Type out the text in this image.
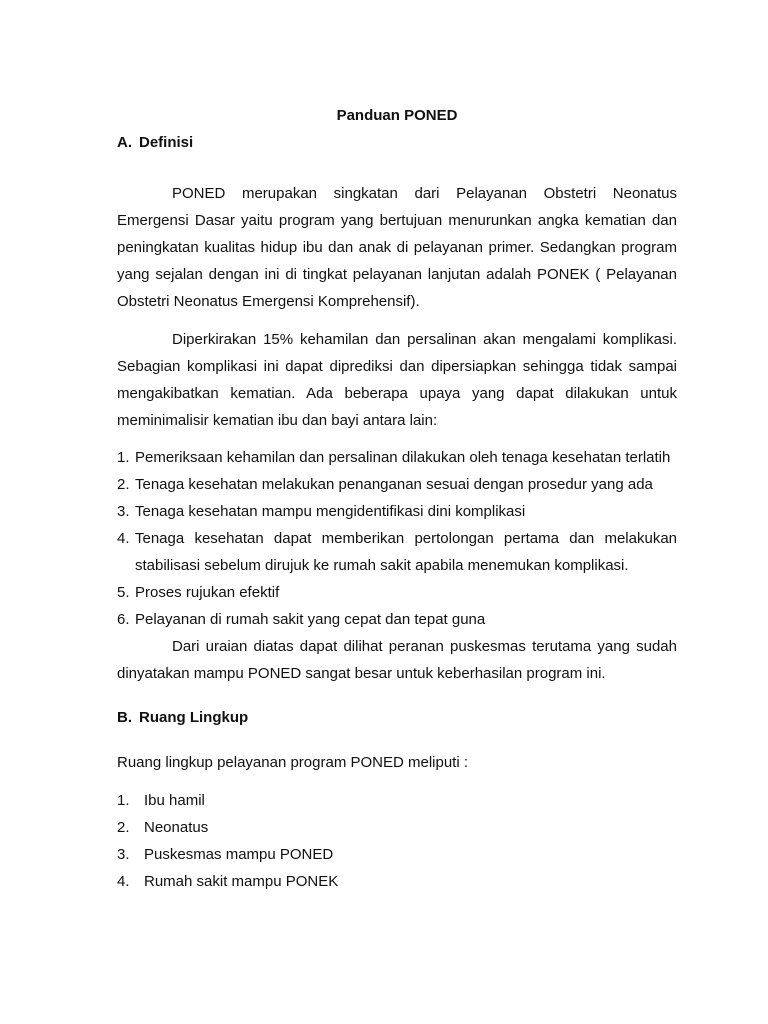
Panduan PONED

A. Definisi

PONED merupakan singkatan dari Pelayanan Obstetri Neonatus Emergensi Dasar yaitu program yang bertujuan menurunkan angka kematian dan peningkatan kualitas hidup ibu dan anak di pelayanan primer. Sedangkan program yang sejalan dengan ini di tingkat pelayanan lanjutan adalah PONEK ( Pelayanan Obstetri Neonatus Emergensi Komprehensif).

Diperkirakan 15% kehamilan dan persalinan akan mengalami komplikasi. Sebagian komplikasi ini dapat diprediksi dan dipersiapkan sehingga tidak sampai mengakibatkan kematian. Ada beberapa upaya yang dapat dilakukan untuk meminimalisir kematian ibu dan bayi antara lain:

1. Pemeriksaan kehamilan dan persalinan dilakukan oleh tenaga kesehatan terlatih
2. Tenaga kesehatan melakukan penanganan sesuai dengan prosedur yang ada
3. Tenaga kesehatan mampu mengidentifikasi dini komplikasi
4. Tenaga kesehatan dapat memberikan pertolongan pertama dan melakukan stabilisasi sebelum dirujuk ke rumah sakit apabila menemukan komplikasi.
5. Proses rujukan efektif
6. Pelayanan di rumah sakit yang cepat dan tepat guna

Dari uraian diatas dapat dilihat peranan puskesmas terutama yang sudah dinyatakan mampu PONED sangat besar untuk keberhasilan program ini.

B. Ruang Lingkup

Ruang lingkup pelayanan program PONED meliputi :

1. Ibu hamil
2. Neonatus
3. Puskesmas mampu PONED
4. Rumah sakit mampu PONEK
